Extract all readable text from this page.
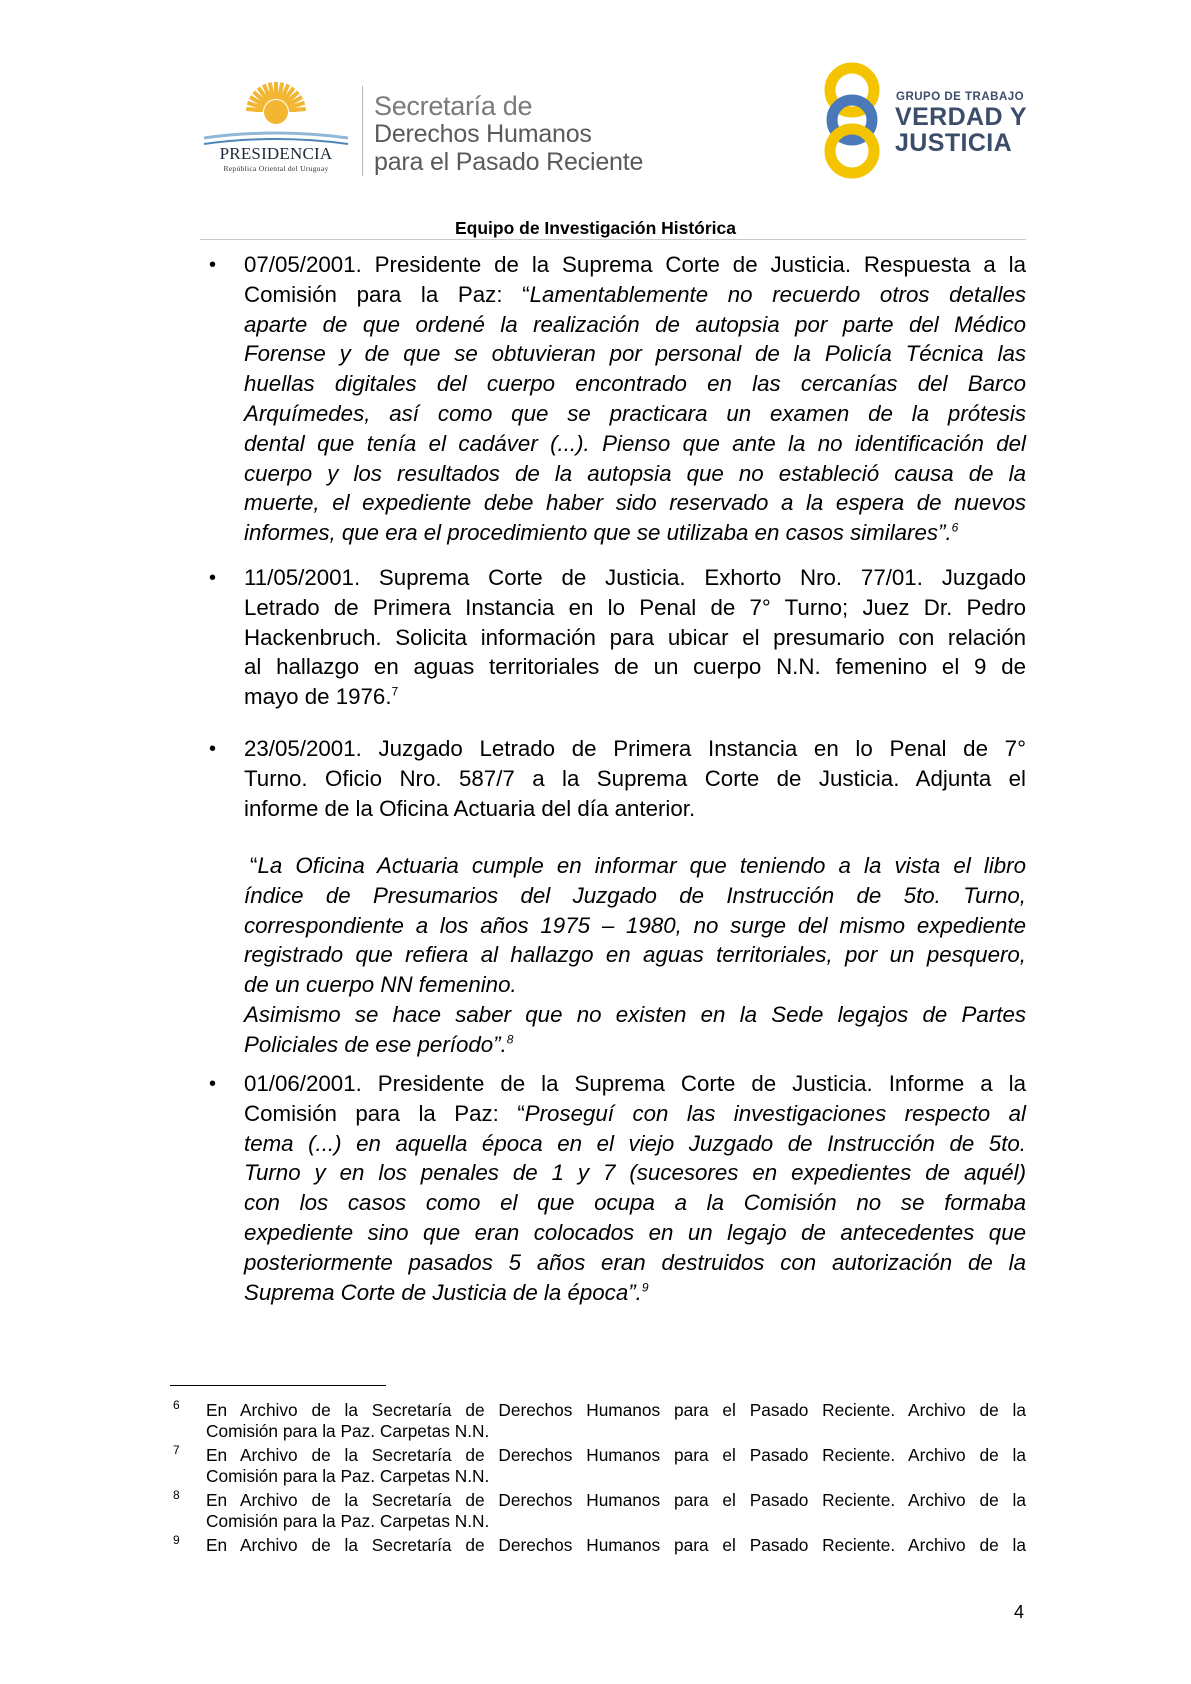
PRESIDENCIA
República Oriental del Uruguay
Secretaría de
Derechos Humanos
para el Pasado Reciente
GRUPO DE TRABAJO
VERDAD Y
JUSTICIA
Equipo de Investigación Histórica
• 07/05/2001. Presidente de la Suprema Corte de Justicia. Respuesta a la
Comisión para la Paz: “Lamentablemente no recuerdo otros detalles
aparte de que ordené la realización de autopsia por parte del Médico
Forense y de que se obtuvieran por personal de la Policía Técnica las
huellas digitales del cuerpo encontrado en las cercanías del Barco
Arquímedes, así como que se practicara un examen de la prótesis
dental que tenía el cadáver (...). Pienso que ante la no identificación del
cuerpo y los resultados de la autopsia que no estableció causa de la
muerte, el expediente debe haber sido reservado a la espera de nuevos
informes, que era el procedimiento que se utilizaba en casos similares”.$^6$
• 11/05/2001. Suprema Corte de Justicia. Exhorto Nro. 77/01. Juzgado
Letrado de Primera Instancia en lo Penal de 7° Turno; Juez Dr. Pedro
Hackenbruch. Solicita información para ubicar el presumario con relación
al hallazgo en aguas territoriales de un cuerpo N.N. femenino el 9 de
mayo de 1976.$^7$
• 23/05/2001. Juzgado Letrado de Primera Instancia en lo Penal de 7°
Turno. Oficio Nro. 587/7 a la Suprema Corte de Justicia. Adjunta el
informe de la Oficina Actuaria del día anterior.
“La Oficina Actuaria cumple en informar que teniendo a la vista el libro
índice de Presumarios del Juzgado de Instrucción de 5to. Turno,
correspondiente a los años 1975 – 1980, no surge del mismo expediente
registrado que refiera al hallazgo en aguas territoriales, por un pesquero,
de un cuerpo NN femenino.
Asimismo se hace saber que no existen en la Sede legajos de Partes
Policiales de ese período”.$^8$
• 01/06/2001. Presidente de la Suprema Corte de Justicia. Informe a la
Comisión para la Paz: “Proseguí con las investigaciones respecto al
tema (...) en aquella época en el viejo Juzgado de Instrucción de 5to.
Turno y en los penales de 1 y 7 (sucesores en expedientes de aquél)
con los casos como el que ocupa a la Comisión no se formaba
expediente sino que eran colocados en un legajo de antecedentes que
posteriormente pasados 5 años eran destruidos con autorización de la
Suprema Corte de Justicia de la época”.$^9$
6 En Archivo de la Secretaría de Derechos Humanos para el Pasado Reciente. Archivo de la
Comisión para la Paz. Carpetas N.N.
7 En Archivo de la Secretaría de Derechos Humanos para el Pasado Reciente. Archivo de la
Comisión para la Paz. Carpetas N.N.
8 En Archivo de la Secretaría de Derechos Humanos para el Pasado Reciente. Archivo de la
Comisión para la Paz. Carpetas N.N.
9 En Archivo de la Secretaría de Derechos Humanos para el Pasado Reciente. Archivo de la
4
